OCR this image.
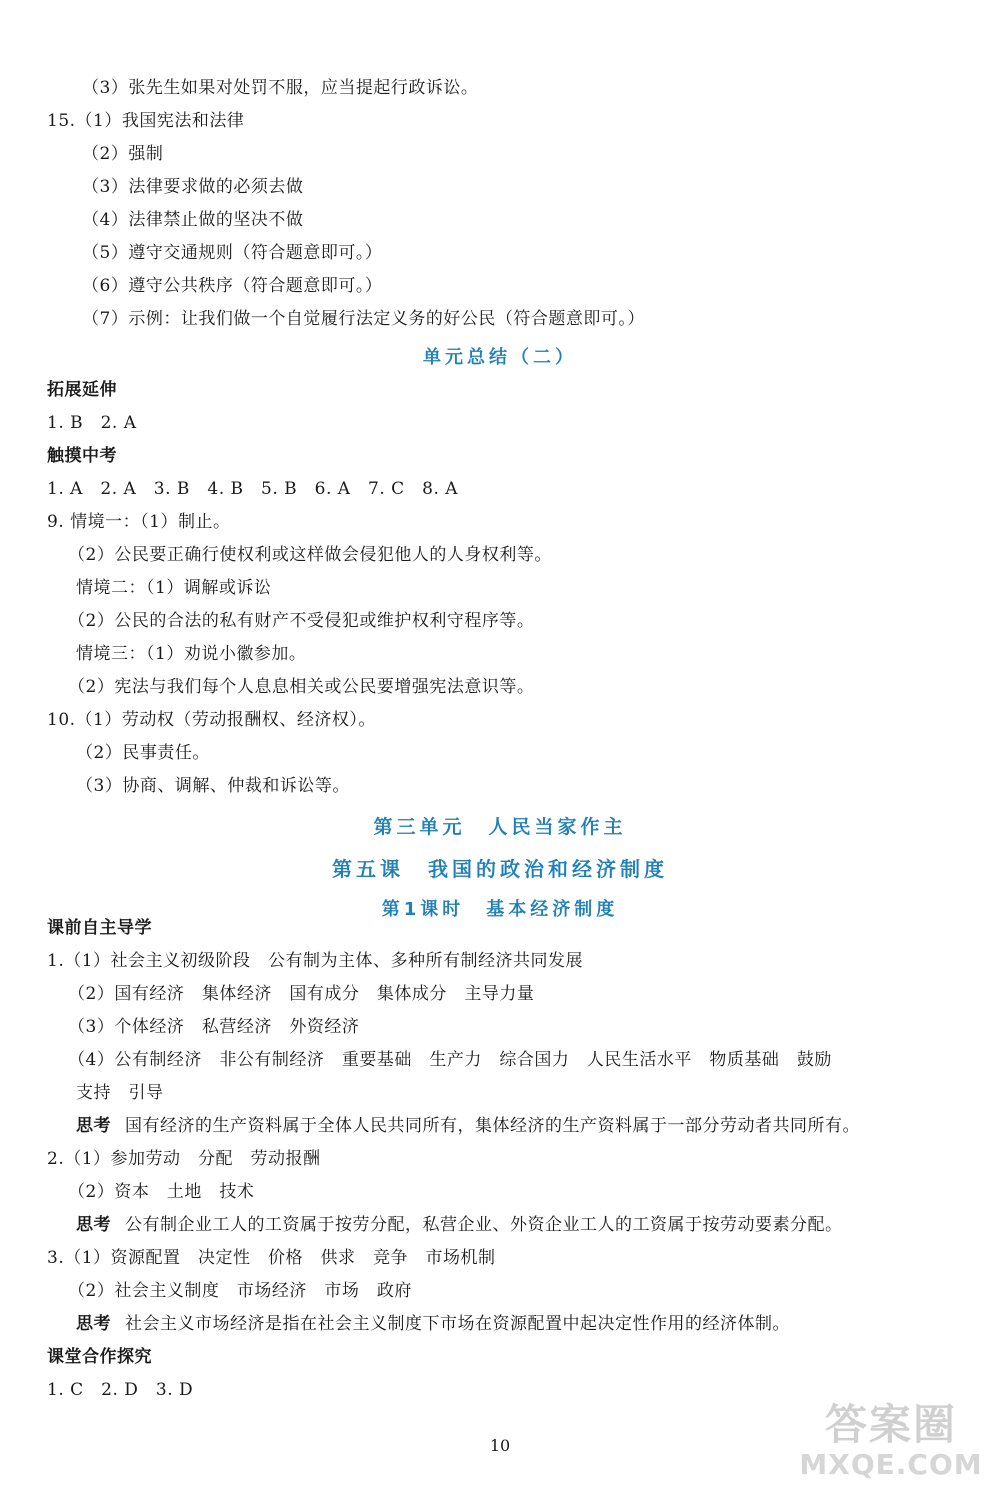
（3）张先生如果对处罚不服，应当提起行政诉讼。
15.（1）我国宪法和法律
（2）强制
（3）法律要求做的必须去做
（4）法律禁止做的坚决不做
（5）遵守交通规则（符合题意即可。）
（6）遵守公共秩序（符合题意即可。）
（7）示例：让我们做一个自觉履行法定义务的好公民（符合题意即可。）
单元总结（二）
拓展延伸
1. B　2. A
触摸中考
1. A　2. A　3. B　4. B　5. B　6. A　7. C　8. A
9. 情境一：（1）制止。
（2）公民要正确行使权利或这样做会侵犯他人的人身权利等。
情境二：（1）调解或诉讼
（2）公民的合法的私有财产不受侵犯或维护权利守程序等。
情境三：（1）劝说小徽参加。
（2）宪法与我们每个人息息相关或公民要增强宪法意识等。
10.（1）劳动权（劳动报酬权、经济权）。
（2）民事责任。
（3）协商、调解、仲裁和诉讼等。
第三单元　人民当家作主
第五课　我国的政治和经济制度
第1课时　基本经济制度
课前自主导学
1.（1）社会主义初级阶段　公有制为主体、多种所有制经济共同发展
（2）国有经济　集体经济　国有成分　集体成分　主导力量
（3）个体经济　私营经济　外资经济
（4）公有制经济　非公有制经济　重要基础　生产力　综合国力　人民生活水平　物质基础　鼓励
支持　引导
思考 国有经济的生产资料属于全体人民共同所有，集体经济的生产资料属于一部分劳动者共同所有。
2.（1）参加劳动　分配　劳动报酬
（2）资本　土地　技术
思考 公有制企业工人的工资属于按劳分配，私营企业、外资企业工人的工资属于按劳动要素分配。
3.（1）资源配置　决定性　价格　供求　竞争　市场机制
（2）社会主义制度　市场经济　市场　政府
思考 社会主义市场经济是指在社会主义制度下市场在资源配置中起决定性作用的经济体制。
课堂合作探究
1. C　2. D　3. D
10	答案圈
MXQE.COM
